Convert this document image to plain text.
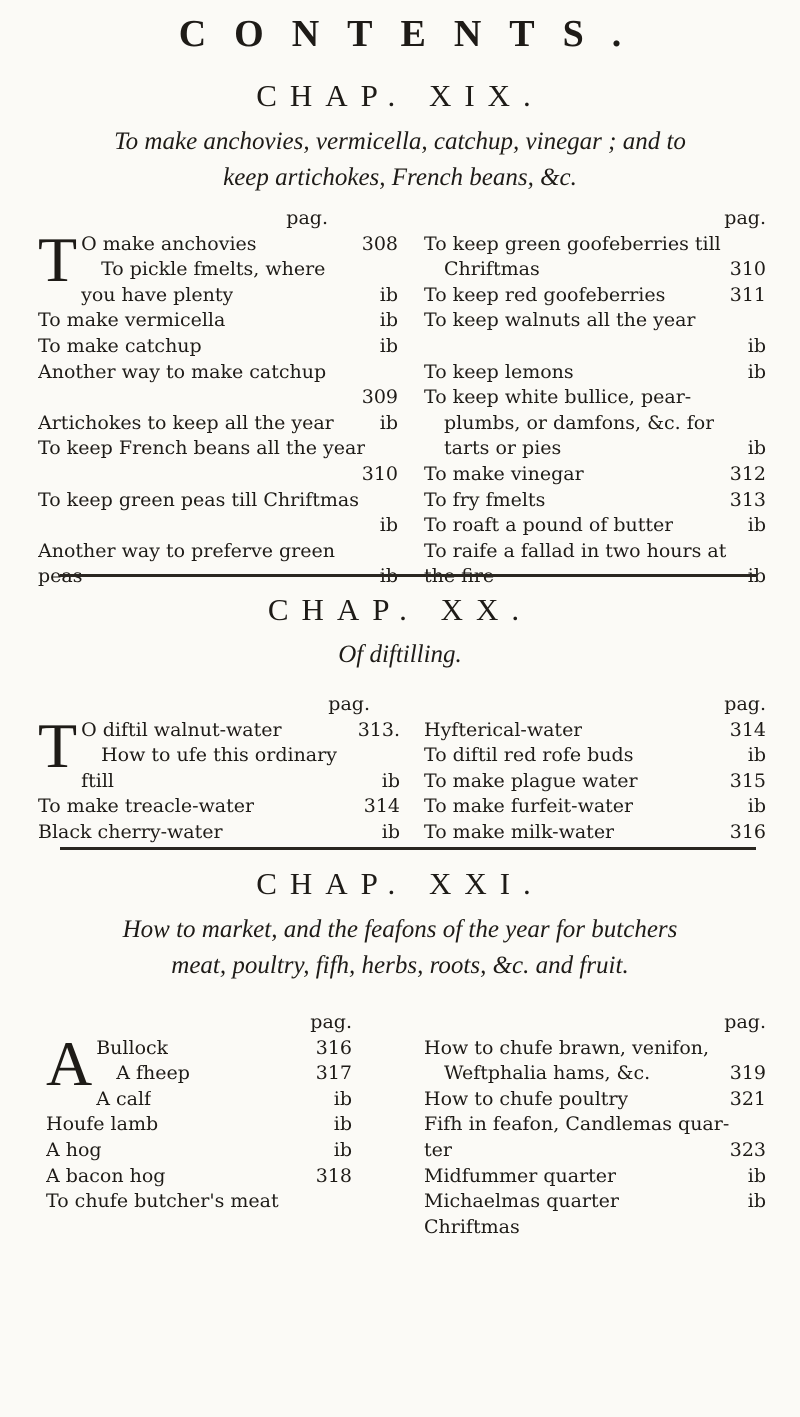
CONTENTS.
CHAP. XIX.
To make anchovies, vermicella, catchup, vinegar ; and to
keep artichokes, French beans, &c.
pag.
T O make anchovies	308
To pickle fmelts, where
you have plenty	ib
To make vermicella	ib
To make catchup	ib
Another way to make catchup
309
Artichokes to keep all the year ib
To keep French beans all the year
310
To keep green peas till Chriftmas
ib
Another way to preferve green
peas	ib
pag.
To keep green goofeberries till
Chriftmas	310
To keep red goofeberries	311
To keep walnuts all the year
ib
To keep lemons	ib
To keep white bullice, pear-
plumbs, or damfons, &c. for
tarts or pies	ib
To make vinegar	312
To fry fmelts	313
To roaft a pound of butter	ib
To raife a fallad in two hours at
the fire	ib
CHAP. XX.
Of diftilling.
pag.
T O diftil walnut-water	313.
How to ufe this ordinary
ftill	ib
To make treacle-water	314
Black cherry-water	ib
pag.
Hyfterical-water	314
To diftil red rofe buds	ib
To make plague water	315
To make furfeit-water	ib
To make milk-water	316
CHAP. XXI.
How to market, and the feafons of the year for butchers
meat, poultry, fifh, herbs, roots, &c. and fruit.
pag.
A Bullock	316
A fheep	317
A calf	ib
Houfe lamb	ib
A hog	ib
A bacon hog	318
To chufe butcher's meat
pag.
How to chufe brawn, venifon,
Weftphalia hams, &c.	319
How to chufe poultry	321
Fifh in feafon, Candlemas quar-
ter	323
Midfummer quarter	ib
Michaelmas quarter	ib
Chriftmas
